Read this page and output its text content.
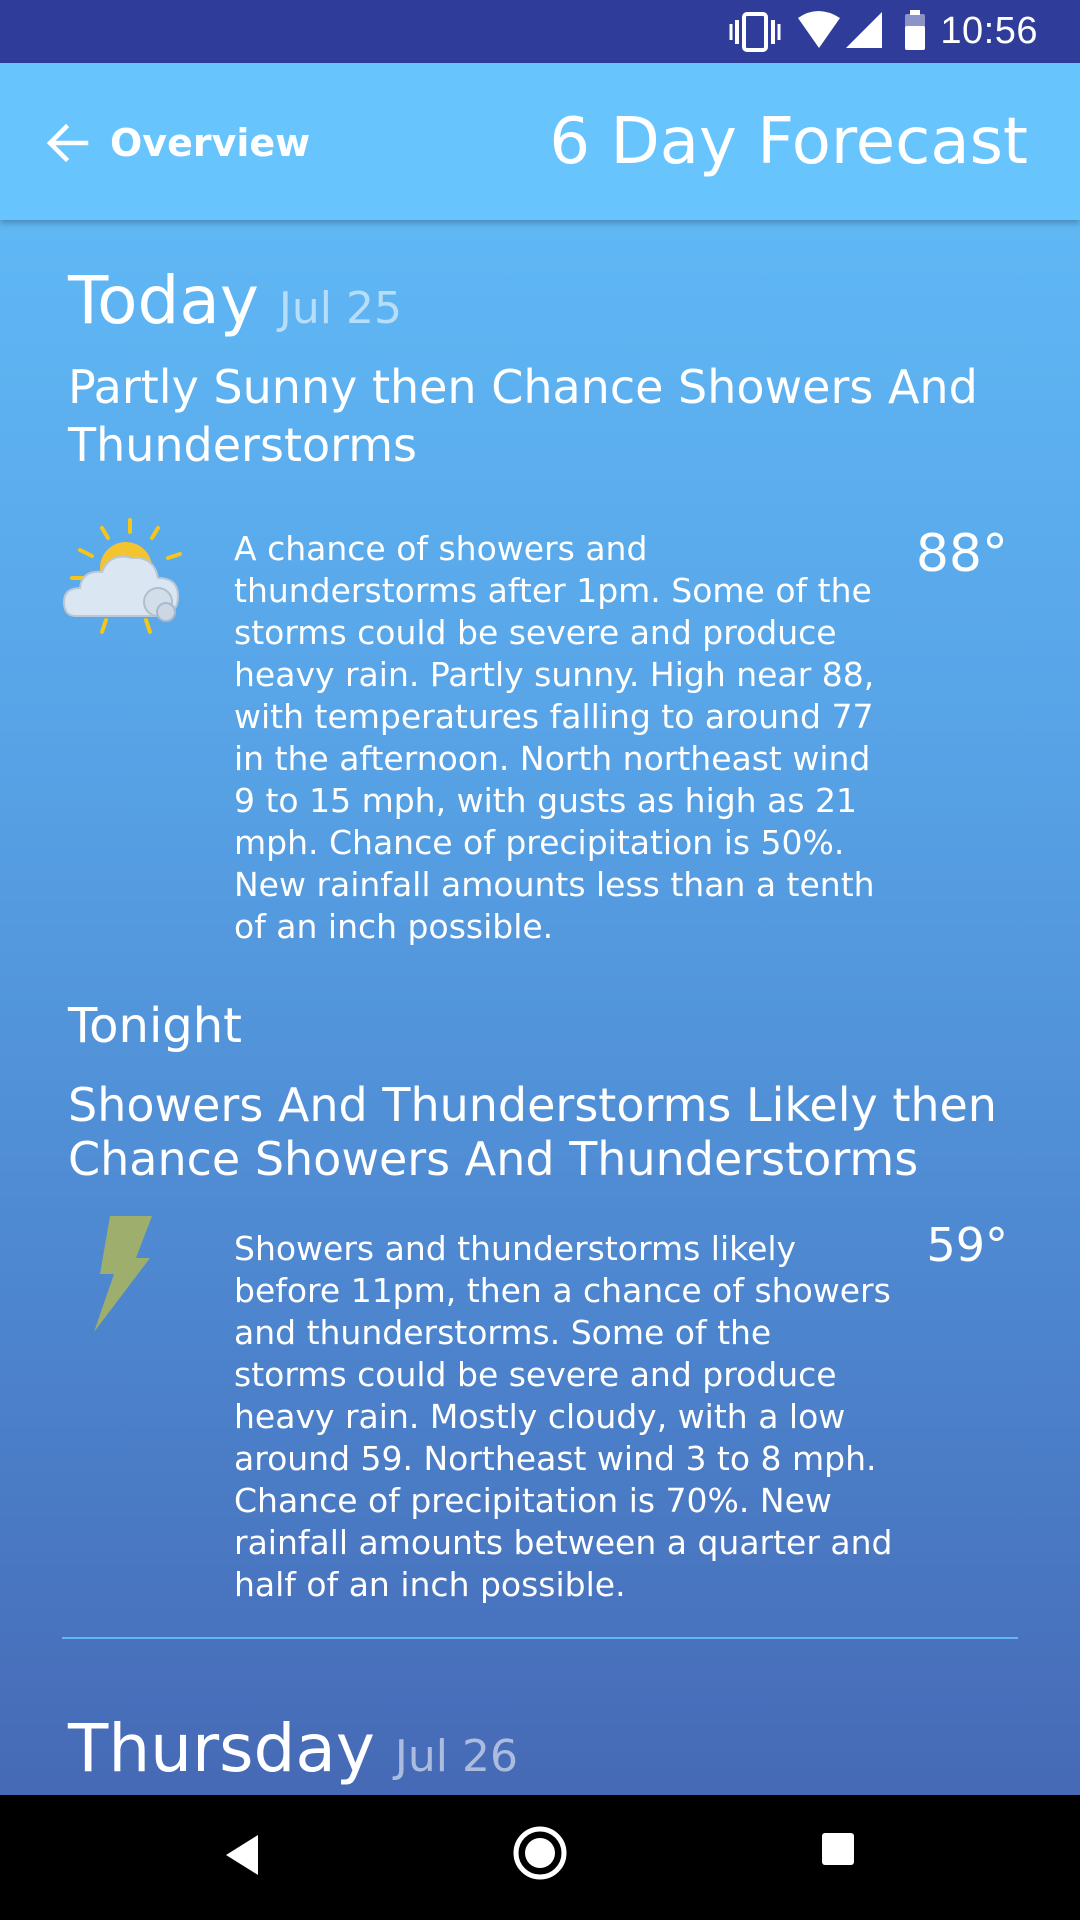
10:56
Overview	6 Day Forecast
Today Jul 25
Partly Sunny then Chance Showers And Thunderstorms
A chance of showers and thunderstorms after 1pm. Some of the storms could be severe and produce heavy rain. Partly sunny. High near 88, with temperatures falling to around 77 in the afternoon. North northeast wind 9 to 15 mph, with gusts as high as 21 mph. Chance of precipitation is 50%. New rainfall amounts less than a tenth of an inch possible.
88°
Tonight
Showers And Thunderstorms Likely then Chance Showers And Thunderstorms
Showers and thunderstorms likely before 11pm, then a chance of showers and thunderstorms. Some of the storms could be severe and produce heavy rain. Mostly cloudy, with a low around 59. Northeast wind 3 to 8 mph. Chance of precipitation is 70%. New rainfall amounts between a quarter and half of an inch possible.
59°
Thursday Jul 26
